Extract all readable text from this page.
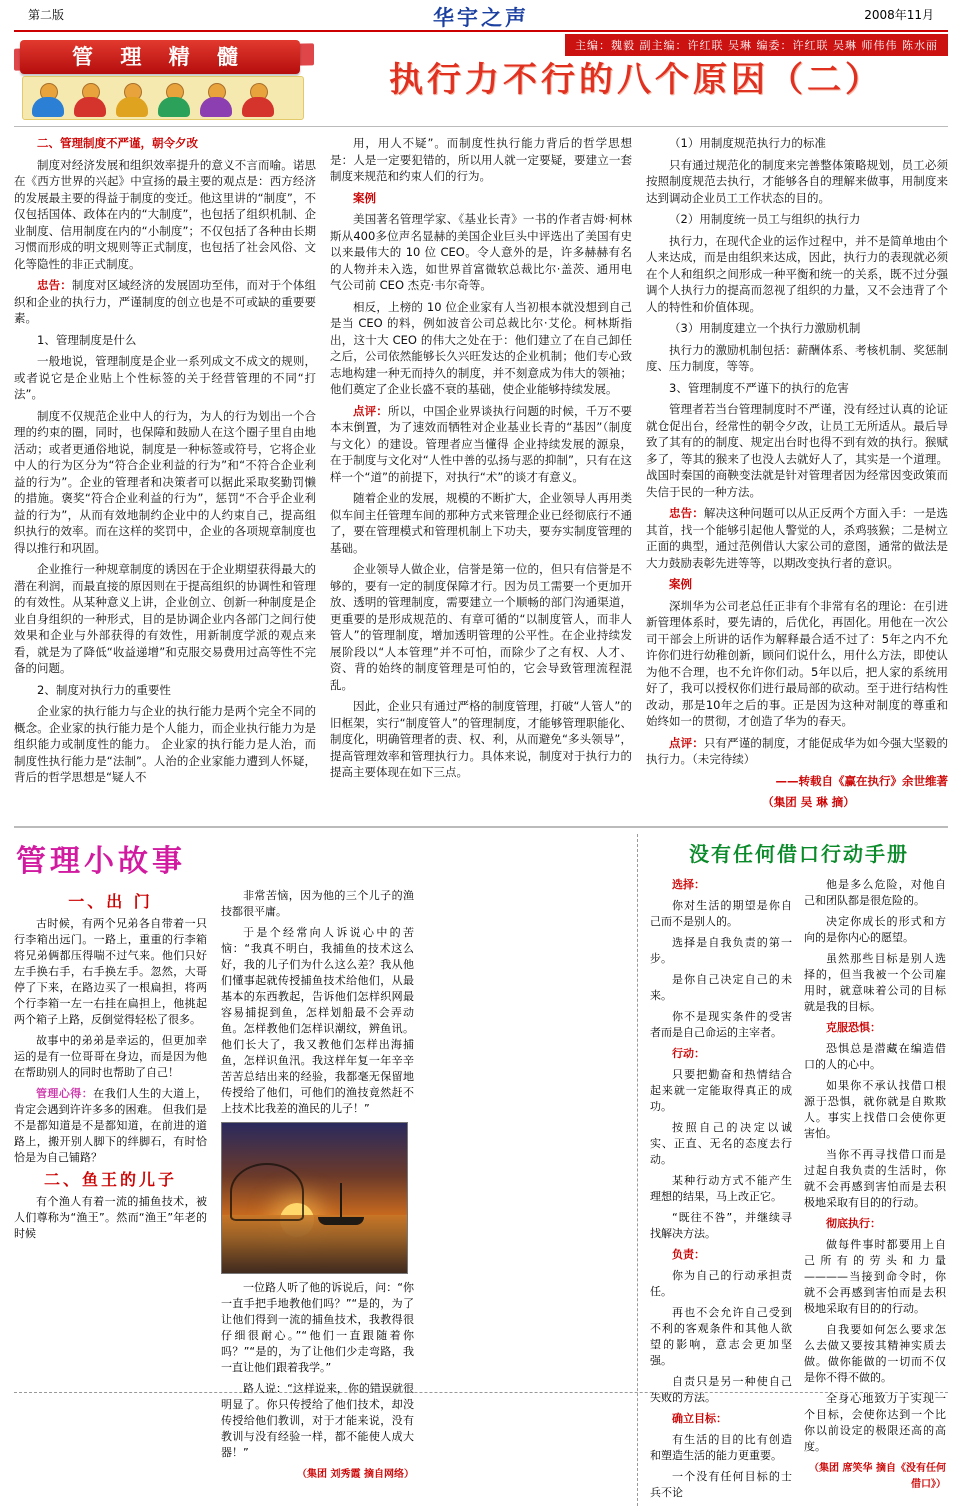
第二版	华宇之声	2008年11月
主编：魏毅 副主编：许红联 吴琳 编委：许红联 吴琳 师伟伟 陈水丽
管 理 精 髓
执行力不行的八个原因（二）

二、管理制度不严谨，朝令夕改

制度对经济发展和组织效率提升的意义不言而喻。诺思在《西方世界的兴起》中宣扬的最主要的观点是：西方经济的发展最主要的得益于制度的变迁。他这里讲的“制度”，不仅包括国体、政体在内的“大制度”，也包括了组织机制、企业制度、信用制度在内的“小制度”；不仅包括了各种由长期习惯而形成的明文规则等正式制度，也包括了社会风俗、文化等隐性的非正式制度。

忠告：制度对区域经济的发展固功至伟，而对于个体组织和企业的执行力，严谨制度的创立也是不可或缺的重要要素。

1、管理制度是什么

一般地说，管理制度是企业一系列成文不成文的规则，或者说它是企业贴上个性标签的关于经营管理的不同“打法”。

制度不仅规范企业中人的行为，为人的行为划出一个合理的约束的圈，同时，也保障和鼓励人在这个圈子里自由地活动；或者更通俗地说，制度是一种标签或符号，它将企业中人的行为区分为“符合企业利益的行为”和“不符合企业利益的行为”。企业的管理者和决策者可以据此采取奖勤罚懒的措施。褒奖“符合企业利益的行为”，惩罚“不合乎企业利益的行为”，从而有效地制约企业中的人约束自己，提高组织执行的效率。而在这样的奖罚中，企业的各项规章制度也得以推行和巩固。

企业推行一种规章制度的诱因在于企业期望获得最大的潜在利润，而最直接的原因则在于提高组织的协调性和管理的有效性。从某种意义上讲，企业创立、创新一种制度是企业自身组织的一种形式，目的是协调企业内各部门之间行使效果和企业与外部获得的有效性，用新制度学派的观点来看，就是为了降低“收益递增”和克服交易费用过高等性不完备的问题。

2、制度对执行力的重要性

企业家的执行能力与企业的执行能力是两个完全不同的概念。企业家的执行能力是个人能力，而企业执行能力为是组织能力或制度性的能力。 企业家的执行能力是人治，而制度性执行能力是“法制”。人治的企业家能力遭到人怀疑，背后的哲学思想是“疑人不

用，用人不疑”。而制度性执行能力背后的哲学思想是：人是一定要犯错的，所以用人就一定要疑，要建立一套制度来规范和约束人们的行为。

案例

美国著名管理学家、《基业长青》一书的作者吉姆·柯林斯从400多位声名显赫的美国企业巨头中评选出了美国有史以来最伟大的 10 位 CEO。令人意外的是，许多赫赫有名的人物并未入选，如世界首富微软总裁比尔·盖茨、通用电气公司前 CEO 杰克·韦尔奇等。

相反，上榜的 10 位企业家有人当初根本就没想到自己是当 CEO 的料，例如波音公司总裁比尔·艾伦。柯林斯指出，这十大 CEO 的伟大之处在于：他们建立了在自己卸任之后，公司依然能够长久兴旺发达的企业机制；他们专心致志地构建一种无而持久的制度，并不刻意成为伟大的领袖；他们奠定了企业长盛不衰的基础，使企业能够持续发展。

点评：所以，中国企业界谈执行问题的时候，千万不要本末倒置，为了速效而牺牲对企业基业长青的“基因”（制度与文化）的建设。管理者应当懂得 企业持续发展的源泉，在于制度与文化对“人性中善的弘扬与恶的抑制”，只有在这样一个“道”的前提下，对执行“术”的谈才有意义。

随着企业的发展，规模的不断扩大，企业领导人再用类似车间主任管理车间的那种方式来管理企业已经彻底行不通了，要在管理模式和管理机制上下功夫，要夯实制度管理的基础。

企业领导人做企业，信誉是第一位的，但只有信誉是不够的，要有一定的制度保障才行。因为员工需要一个更加开放、透明的管理制度，需要建立一个顺畅的部门沟通渠道，更重要的是形成规范的、有章可循的“以制度管人，而非人管人”的管理制度，增加透明管理的公平性。在企业持续发展阶段以“人本管理”并不可怕，而除少了之有权、人才、资、背的始终的制度管理是可怕的，它会导致管理流程混乱。

因此，企业只有通过严格的制度管理，打破“人管人”的旧框架，实行“制度管人”的管理制度，才能够管理职能化、制度化，明确管理者的责、权、利，从而避免“多头领导”，提高管理效率和管理执行力。具体来说，制度对于执行力的提高主要体现在如下三点。

（1）用制度规范执行力的标准

只有通过规范化的制度来完善整体策略规划，员工必须按照制度规范去执行，才能够各自的理解来做事，用制度来达到调动企业员工工作状态的目的。

（2）用制度统一员工与组织的执行力

执行力，在现代企业的运作过程中，并不是简单地由个人来达成，而是由组织来达成，因此，执行力的表现就必须在个人和组织之间形成一种平衡和统一的关系，既不过分强调个人执行力的提高而忽视了组织的力量，又不会违背了个人的特性和价值体现。

（3）用制度建立一个执行力激励机制

执行力的激励机制包括：薪酬体系、考核机制、奖惩制度、压力制度，等等。

3、管理制度不严谨下的执行的危害

管理者若当台管理制度时不严谨，没有经过认真的论证就仓促出台，经常性的朝令夕改，让员工无所适从。最后导致了其有的的制度、规定出台时也得不到有效的执行。猴赋多了，等其的猴来了也没人去就好人了，其实是一个道理。战国时秦国的商鞅变法就是针对管理者因为经常因变政策而失信于民的一种方法。

忠告：解决这种问题可以从正反两个方面入手：一是选其首，找一个能够引起他人警觉的人，杀鸡骇猴；二是树立正面的典型，通过范例借认大家公司的意图，通常的做法是大力鼓励表彰先进等等，以期改变执行者的意识。

案例

深圳华为公司老总任正非有个非常有名的理论：在引进新管理体系时，要先请的，后优化，再固化。用他在一次公司干部会上所讲的话作为解释最合适不过了：5年之内不允许你们进行幼稚创新，顾问们说什么，用什么方法，即使认为他不合理，也不允许你们动。5年以后，把人家的系统用好了，我可以授权你们进行最局部的砍动。至于进行结构性改动，那是10年之后的事。正是因为这种对制度的尊重和始终如一的贯彻，才创造了华为的春天。

点评：只有严谨的制度，才能促成华为如今强大坚毅的执行力。（未完待续）

——转载自《赢在执行》余世维著

（集团 吴 琳 摘）

管理小故事
一、出 门

古时候，有两个兄弟各自带着一只行李箱出远门。一路上，重重的行李箱将兄弟俩都压得喘不过气来。他们只好左手换右手，右手换左手。忽然，大哥停了下来，在路边买了一根扁担，将两个行李箱一左一右挂在扁担上，他挑起两个箱子上路，反倒觉得轻松了很多。

故事中的弟弟是幸运的，但更加幸运的是有一位哥哥在身边，而是因为他在帮助别人的同时也帮助了自己！

管理心得：在我们人生的大道上，肯定会遇到许许多多的困难。 但我们是不是都知道是不是都知道，在前进的道路上，搬开别人脚下的绊脚石，有时恰恰是为自己铺路？

二、鱼王的儿子

有个渔人有着一流的捕鱼技术，被人们尊称为“渔王”。然而“渔王”年老的时候

非常苦恼，因为他的三个儿子的渔技都很平庸。

于是个经常向人诉说心中的苦恼：“我真不明白，我捕鱼的技术这么好，我的儿子们为什么这么差？我从他们懂事起就传授捕鱼技术给他们，从最基本的东西教起，告诉他们怎样织网最容易捕捉到鱼，怎样划船最不会弄动鱼。怎样教他们怎样识潮纹，辨鱼讯。他们长大了，我又教他们怎样出海捕鱼，怎样识鱼汛。我这样年复一年辛辛苦苦总结出来的经验，我都毫无保留地传授给了他们，可他们的渔技竟然赶不上技术比我差的渔民的儿子！”

一位路人听了他的诉说后，问：“你一直手把手地教他们吗？”“是的，为了让他们得到一流的捕鱼技术，我教得很仔细很耐心。”“他们一直跟随着你吗？”“是的，为了让他们少走弯路，我一直让他们跟着我学。”

路人说：“这样说来，你的错误就很明显了。你只传授给了他们技术，却没传授给他们教训，对于才能来说，没有教训与没有经验一样，都不能使人成大器！”

（集团 刘秀霞 摘自网络）
没有任何借口行动手册

选择：

你对生活的期望是你自己而不是别人的。

选择是自我负责的第一步。

是你自己决定自己的未来。

你不是现实条件的受害者而是自己命运的主宰者。

行动：

只要把勤奋和热情结合起来就一定能取得真正的成功。

按照自己的决定以诚实、正直、无名的态度去行动。

某种行动方式不能产生理想的结果，马上改正它。

“既往不咎”，并继续寻找解决方法。

负责：

你为自己的行动承担责任。

再也不会允许自己受到不利的客观条件和其他人欲望的影响，意志会更加坚强。

自责只是另一种使自己失败的方法。

确立目标：

有生活的目的比有创造和塑造生活的能力更重要。

一个没有任何目标的士兵不论

他是多么危险，对他自己和团队都是很危险的。

决定你成长的形式和方向的是你内心的愿望。

虽然那些目标是别人选择的，但当我被一个公司雇用时，就意味着公司的目标就是我的目标。

克服恐惧：

恐惧总是潜藏在编造借口的人的心中。

如果你不承认找借口根源于恐惧，就你就是自欺欺人。事实上找借口会使你更害怕。

当你不再寻找借口而是过起自我负责的生活时，你就不会再感到害怕而是去积极地采取有目的的行动。

彻底执行：

做每件事时都要用上自己所有的劳头和力量————当接到命令时，你就不会再感到害怕而是去积极地采取有目的的行动。

自我要如何怎么要求怎么去做又要按其精神实质去做。做你能做的一切而不仅是你不得不做的。

全身心地致力于实现一个目标，会使你达到一个比你以前设定的极限还高的高度。

（集团 席笑华 摘自《没有任何借口》）
